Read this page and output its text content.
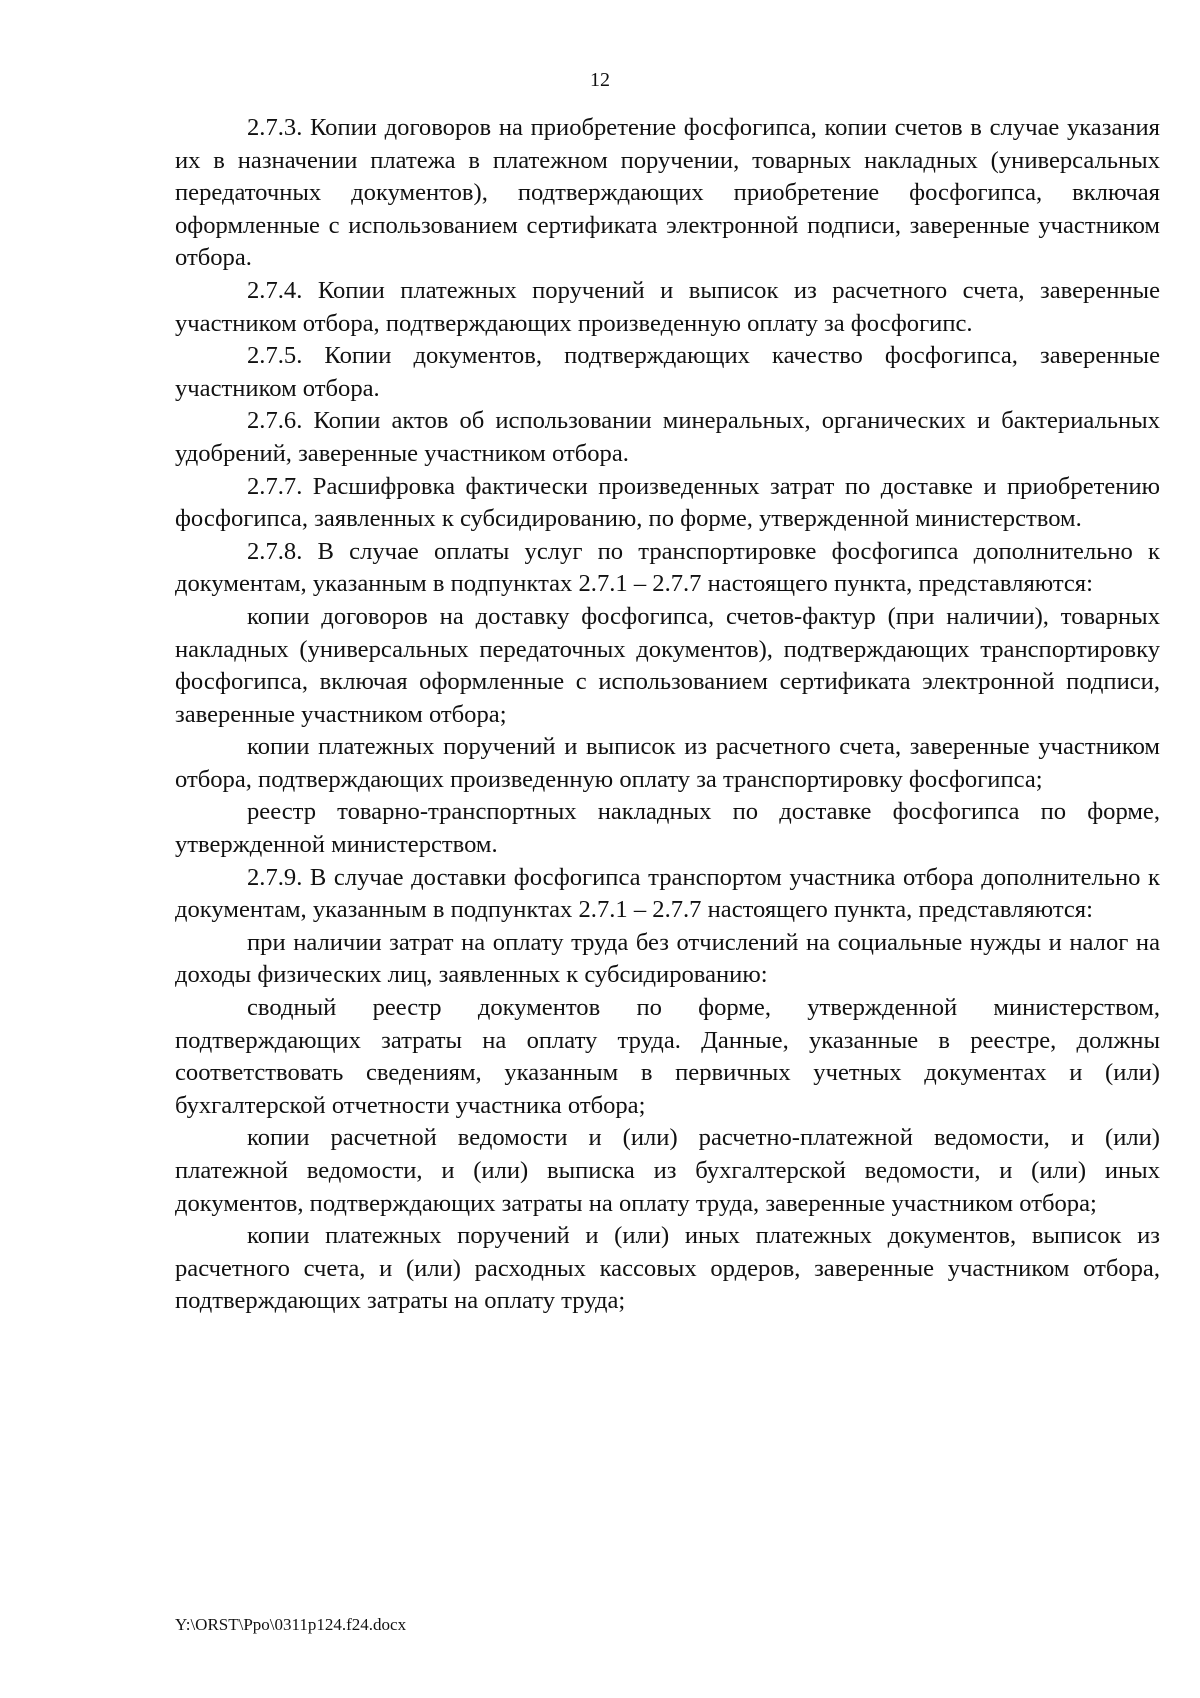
12

2.7.3. Копии договоров на приобретение фосфогипса, копии счетов в случае указания их в назначении платежа в платежном поручении, товарных накладных (универсальных передаточных документов), подтверждающих приобретение фосфогипса, включая оформленные с использованием сертификата электронной подписи, заверенные участником отбора.

2.7.4. Копии платежных поручений и выписок из расчетного счета, заверенные участником отбора, подтверждающих произведенную оплату за фосфогипс.

2.7.5. Копии документов, подтверждающих качество фосфогипса, заверенные участником отбора.

2.7.6. Копии актов об использовании минеральных, органических и бактериальных удобрений, заверенные участником отбора.

2.7.7. Расшифровка фактически произведенных затрат по доставке и приобретению фосфогипса, заявленных к субсидированию, по форме, утвержденной министерством.

2.7.8. В случае оплаты услуг по транспортировке фосфогипса дополнительно к документам, указанным в подпунктах 2.7.1 – 2.7.7 настоящего пункта, представляются:

копии договоров на доставку фосфогипса, счетов-фактур (при наличии), товарных накладных (универсальных передаточных документов), подтверждающих транспортировку фосфогипса, включая оформленные с использованием сертификата электронной подписи, заверенные участником отбора;

копии платежных поручений и выписок из расчетного счета, заверенные участником отбора, подтверждающих произведенную оплату за транспортировку фосфогипса;

реестр товарно-транспортных накладных по доставке фосфогипса по форме, утвержденной министерством.

2.7.9. В случае доставки фосфогипса транспортом участника отбора дополнительно к документам, указанным в подпунктах 2.7.1 – 2.7.7 настоящего пункта, представляются:

при наличии затрат на оплату труда без отчислений на социальные нужды и налог на доходы физических лиц, заявленных к субсидированию:

сводный реестр документов по форме, утвержденной министерством, подтверждающих затраты на оплату труда. Данные, указанные в реестре, должны соответствовать сведениям, указанным в первичных учетных документах и (или) бухгалтерской отчетности участника отбора;

копии расчетной ведомости и (или) расчетно-платежной ведомости, и (или) платежной ведомости, и (или) выписка из бухгалтерской ведомости, и (или) иных документов, подтверждающих затраты на оплату труда, заверенные участником отбора;

копии платежных поручений и (или) иных платежных документов, выписок из расчетного счета, и (или) расходных кассовых ордеров, заверенные участником отбора, подтверждающих затраты на оплату труда;

Y:\ORST\Ppo\0311p124.f24.docx
